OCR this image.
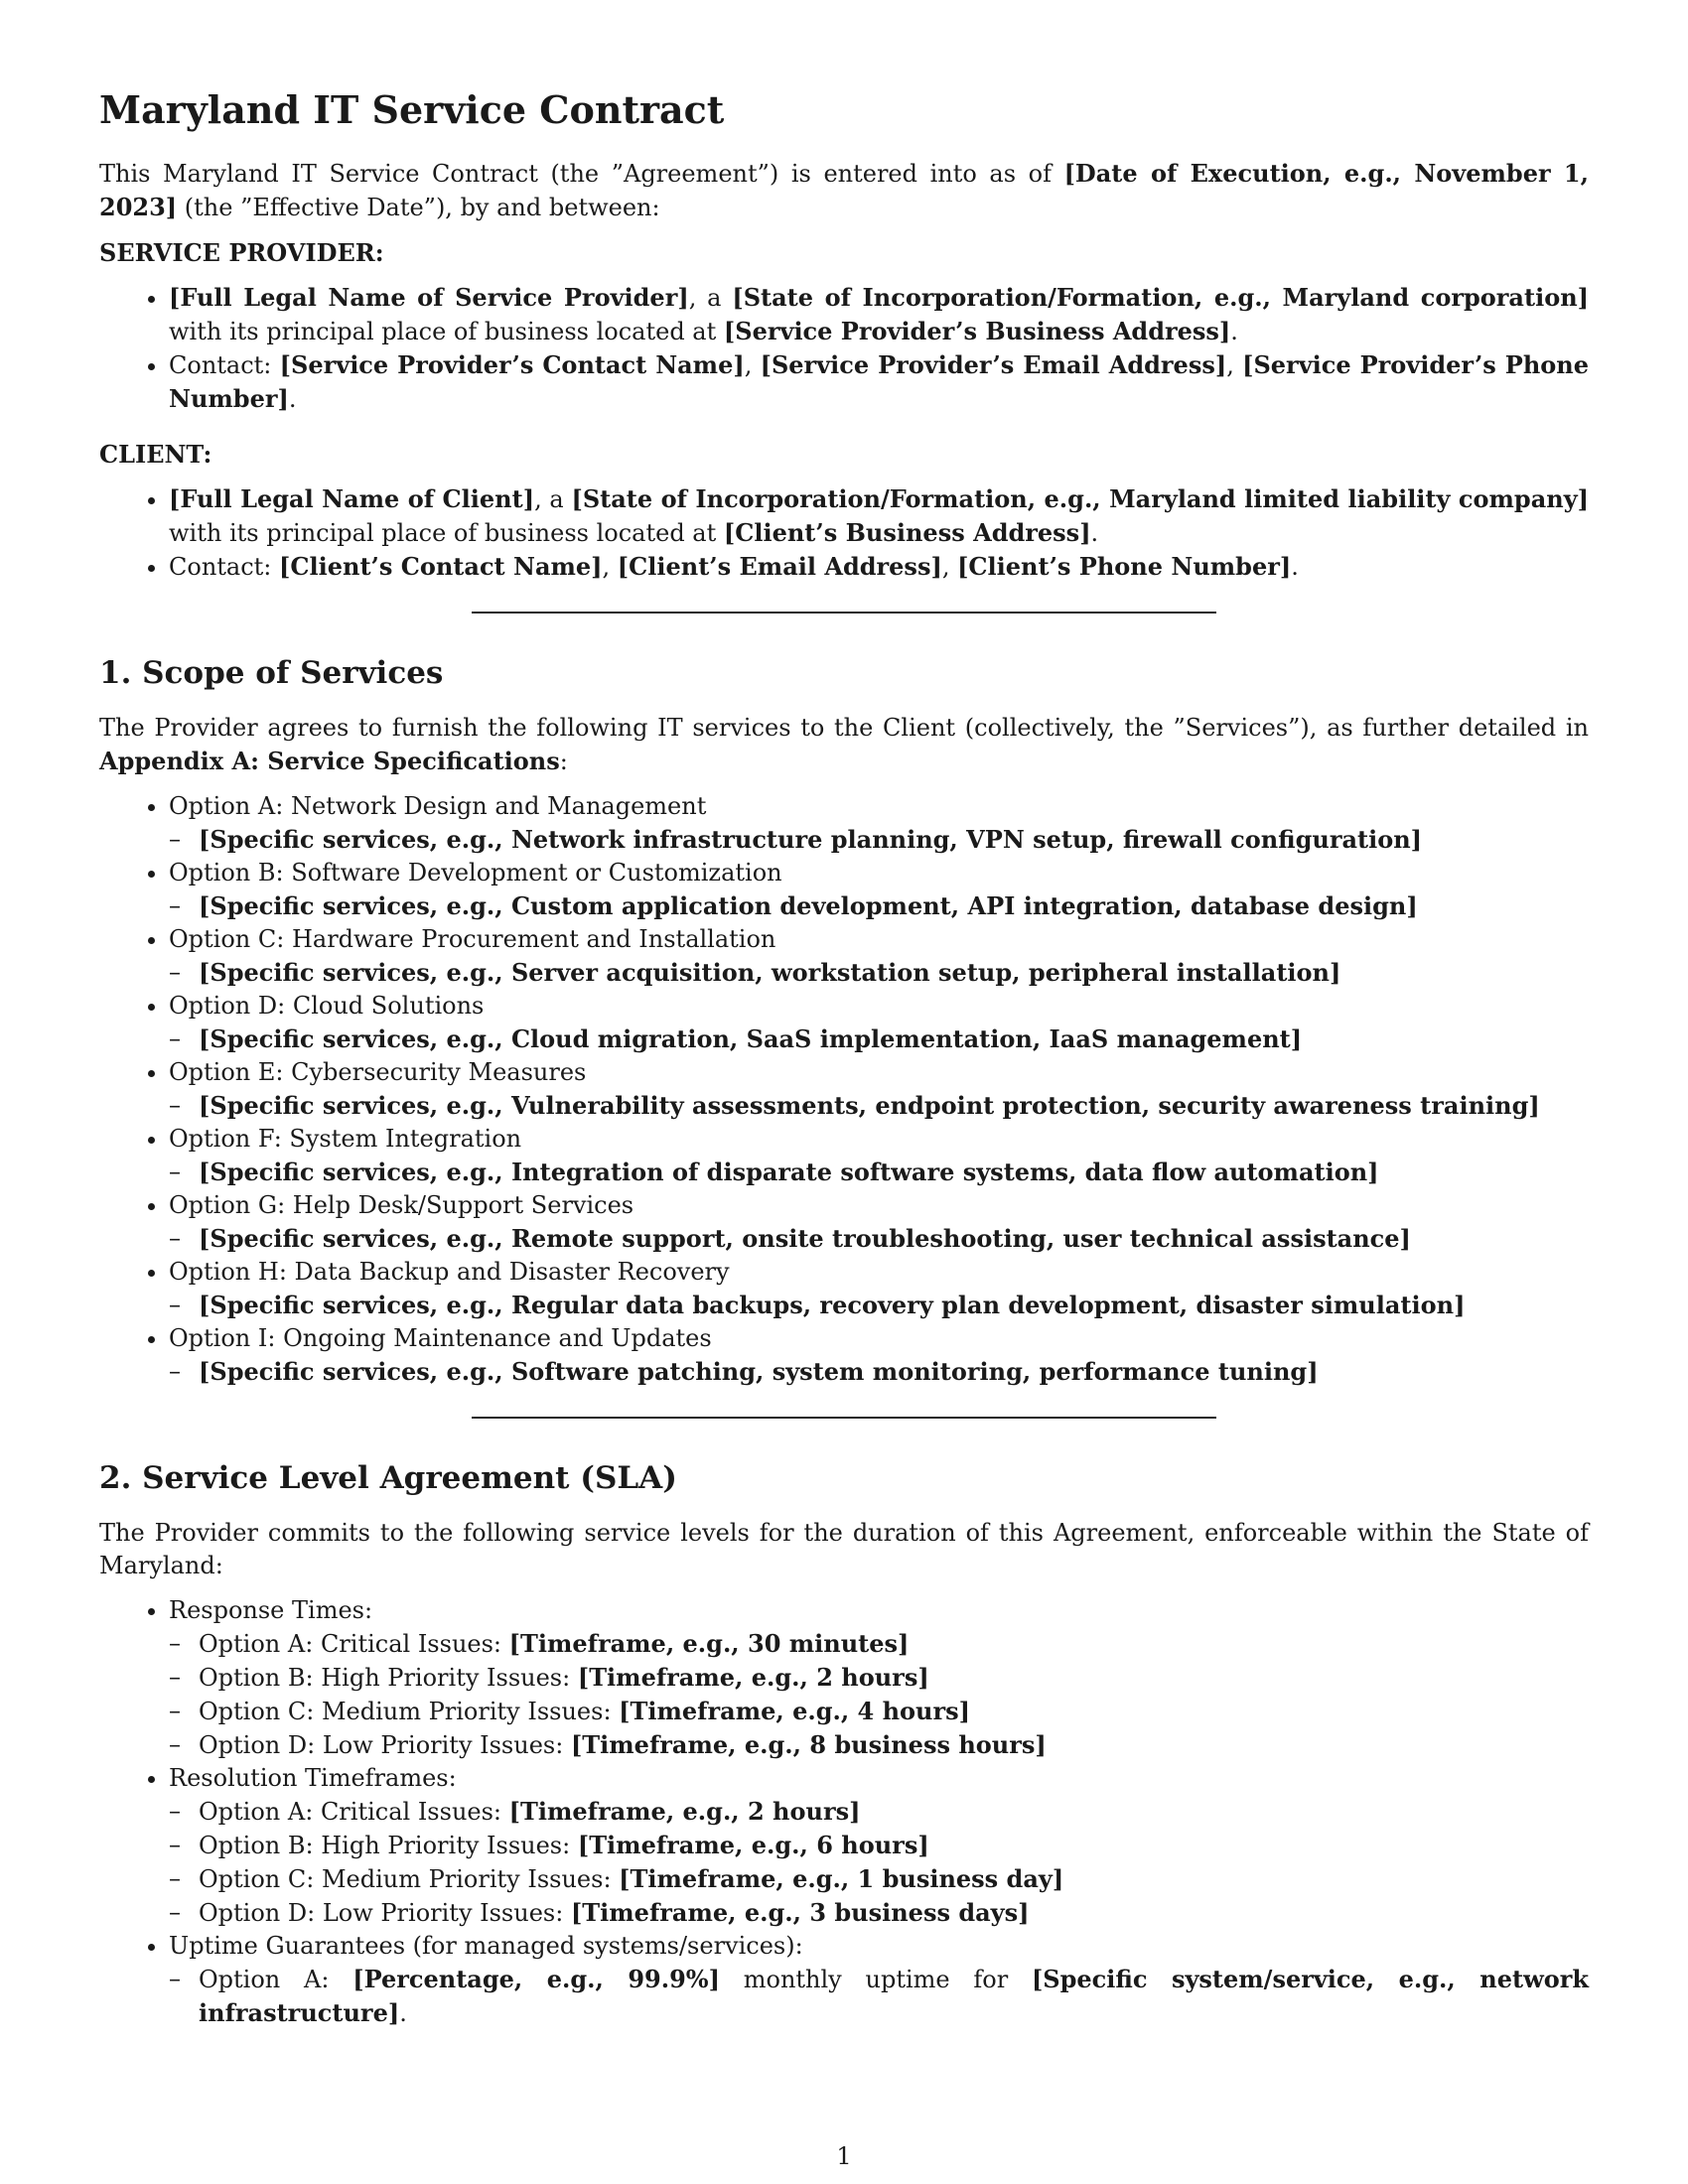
Maryland IT Service Contract

This Maryland IT Service Contract (the ”Agreement”) is entered into as of [Date of Execution, e.g., November 1, 2023] (the ”Effective Date”), by and between:

SERVICE PROVIDER:
• [Full Legal Name of Service Provider], a [State of Incorporation/Formation, e.g., Maryland corporation] with its principal place of business located at [Service Provider’s Business Address].
• Contact: [Service Provider’s Contact Name], [Service Provider’s Email Address], [Service Provider’s Phone Number].
CLIENT:
• [Full Legal Name of Client], a [State of Incorporation/Formation, e.g., Maryland limited liability company] with its principal place of business located at [Client’s Business Address].
• Contact: [Client’s Contact Name], [Client’s Email Address], [Client’s Phone Number].
1. Scope of Services

The Provider agrees to furnish the following IT services to the Client (collectively, the ”Services”), as further detailed in Appendix A: Service Specifications:

• Option A: Network Design and Management
– [Specific services, e.g., Network infrastructure planning, VPN setup, firewall configuration]
• Option B: Software Development or Customization
– [Specific services, e.g., Custom application development, API integration, database design]
• Option C: Hardware Procurement and Installation
– [Specific services, e.g., Server acquisition, workstation setup, peripheral installation]
• Option D: Cloud Solutions
– [Specific services, e.g., Cloud migration, SaaS implementation, IaaS management]
• Option E: Cybersecurity Measures
– [Specific services, e.g., Vulnerability assessments, endpoint protection, security awareness training]
• Option F: System Integration
– [Specific services, e.g., Integration of disparate software systems, data flow automation]
• Option G: Help Desk/Support Services
– [Specific services, e.g., Remote support, onsite troubleshooting, user technical assistance]
• Option H: Data Backup and Disaster Recovery
– [Specific services, e.g., Regular data backups, recovery plan development, disaster simulation]
• Option I: Ongoing Maintenance and Updates
– [Specific services, e.g., Software patching, system monitoring, performance tuning]
2. Service Level Agreement (SLA)

The Provider commits to the following service levels for the duration of this Agreement, enforceable within the State of Maryland:

• Response Times:
– Option A: Critical Issues: [Timeframe, e.g., 30 minutes]
– Option B: High Priority Issues: [Timeframe, e.g., 2 hours]
– Option C: Medium Priority Issues: [Timeframe, e.g., 4 hours]
– Option D: Low Priority Issues: [Timeframe, e.g., 8 business hours]
• Resolution Timeframes:
– Option A: Critical Issues: [Timeframe, e.g., 2 hours]
– Option B: High Priority Issues: [Timeframe, e.g., 6 hours]
– Option C: Medium Priority Issues: [Timeframe, e.g., 1 business day]
– Option D: Low Priority Issues: [Timeframe, e.g., 3 business days]
• Uptime Guarantees (for managed systems/services):
– Option A: [Percentage, e.g., 99.9%] monthly uptime for [Specific system/service, e.g., network infrastructure].
1
